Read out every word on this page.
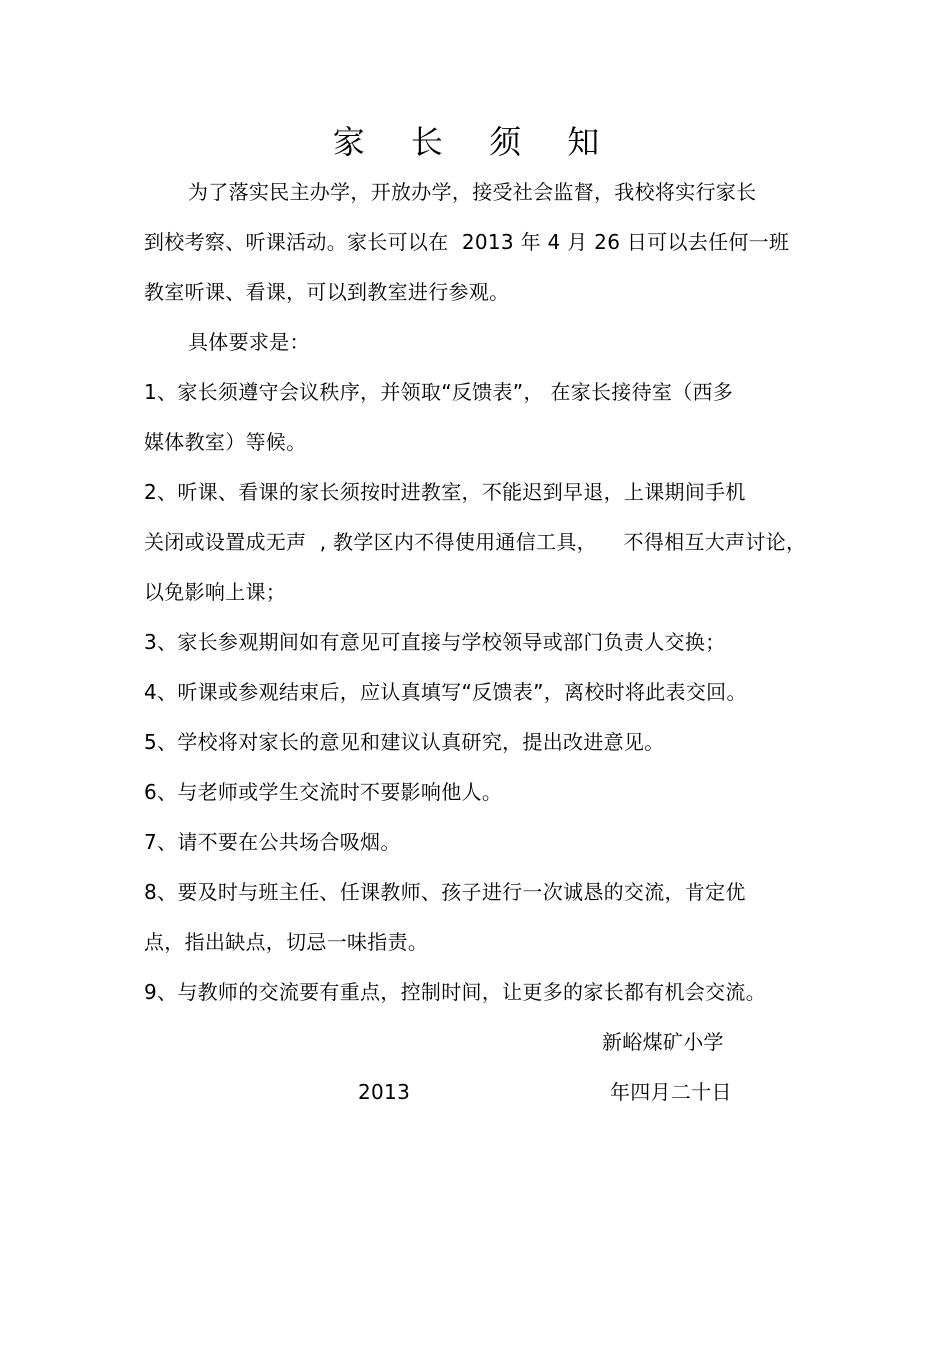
家 长 须 知
为了落实民主办学，开放办学，接受社会监督，我校将实行家长
到校考察、听课活动。家长可以在  2013 年 4 月 26 日可以去任何一班
教室听课、看课，可以到教室进行参观。
具体要求是：
1、家长须遵守会议秩序，并领取“反馈表”， 在家长接待室（西多
媒体教室）等候。
2、听课、看课的家长须按时进教室，不能迟到早退，上课期间手机
关闭或设置成无声  , 教学区内不得使用通信工具，    不得相互大声讨论，
以免影响上课；
3、家长参观期间如有意见可直接与学校领导或部门负责人交换；
4、听课或参观结束后，应认真填写“反馈表”，离校时将此表交回。
5、学校将对家长的意见和建议认真研究，提出改进意见。
6、与老师或学生交流时不要影响他人。
7、请不要在公共场合吸烟。
8、要及时与班主任、任课教师、孩子进行一次诚恳的交流，肯定优
点，指出缺点，切忌一味指责。
9、与教师的交流要有重点，控制时间，让更多的家长都有机会交流。
新峪煤矿小学
2013	年四月二十日
